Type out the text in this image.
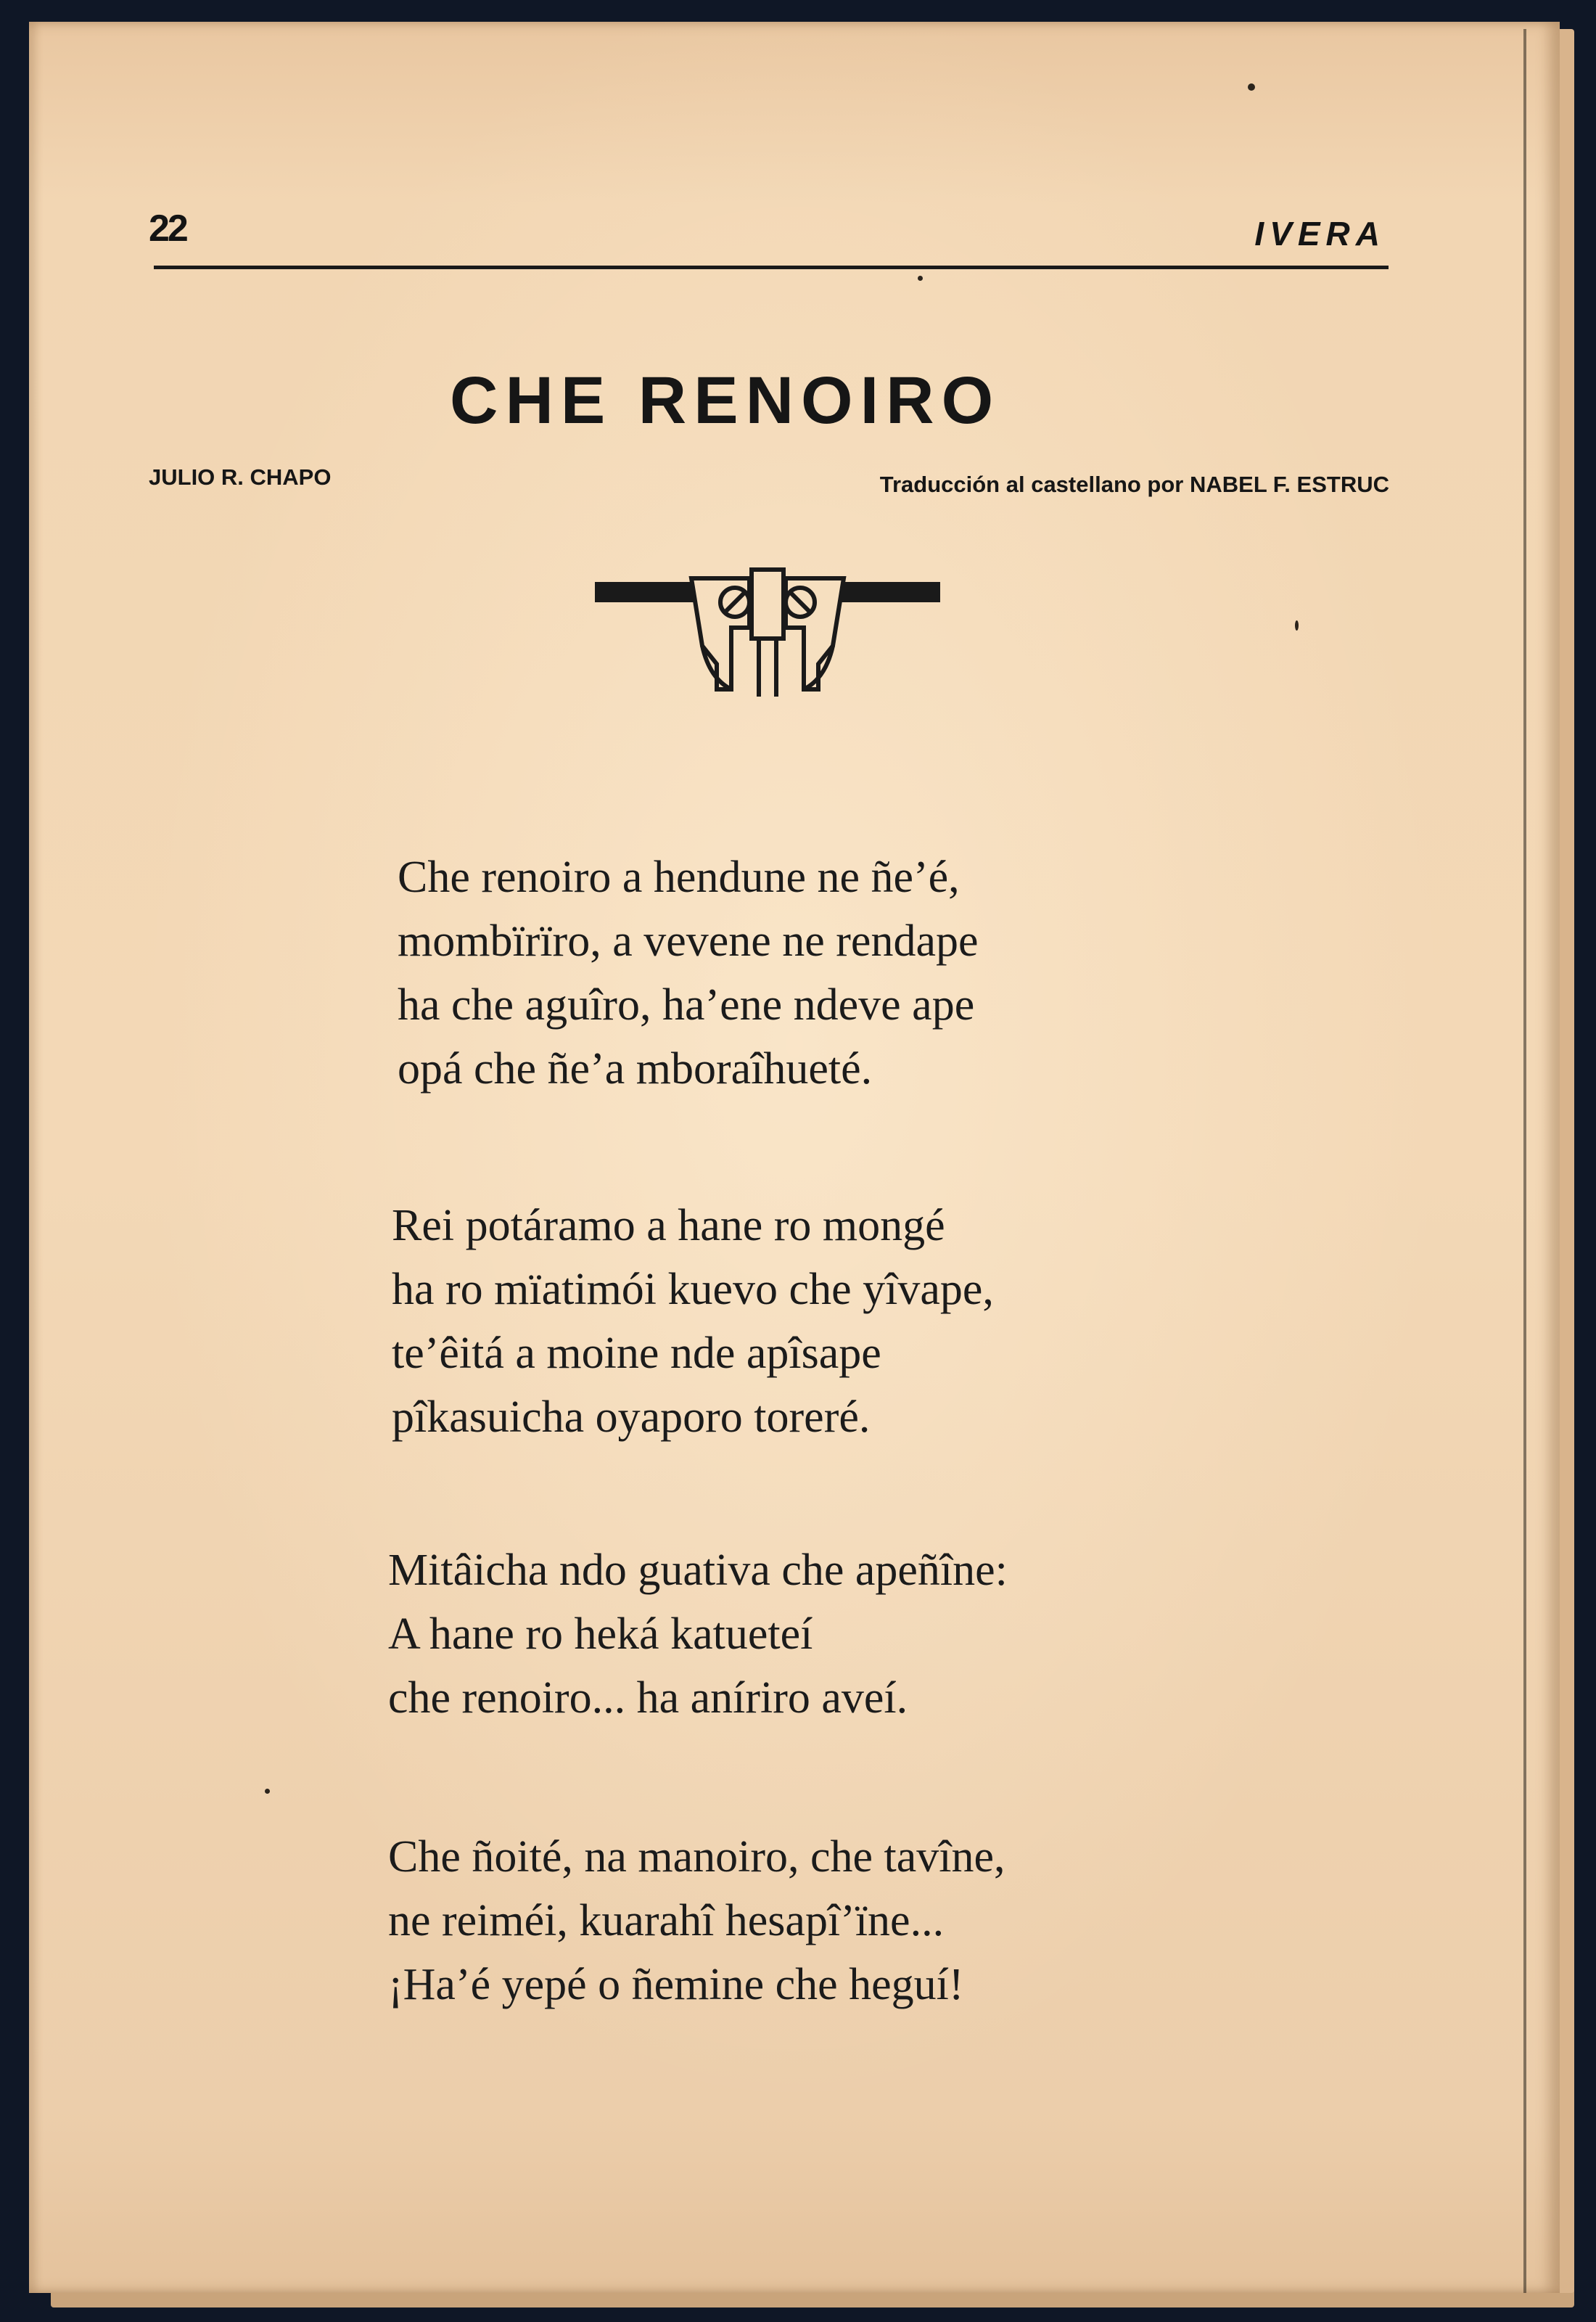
22	IVERA
CHE RENOIRO
JULIO R. CHAPO	Traducción al castellano por NABEL F. ESTRUC
Che renoiro a hendune ne ñe’é,
mombïrïro, a vevene ne rendape
ha che aguîro, ha’ene ndeve ape
opá che ñe’a mboraîhueté.
Rei potáramo a hane ro mongé
ha ro mïatimói kuevo che yîvape,
te’êitá a moine nde apîsape
pîkasuicha oyaporo toreré.
Mitâicha ndo guativa che apeñîne:
A hane ro heká katueteí
che renoiro... ha aníriro aveí.
Che ñoité, na manoiro, che tavîne,
ne reiméi, kuarahî hesapî’ïne...
¡Ha’é yepé o ñemine che heguí!
